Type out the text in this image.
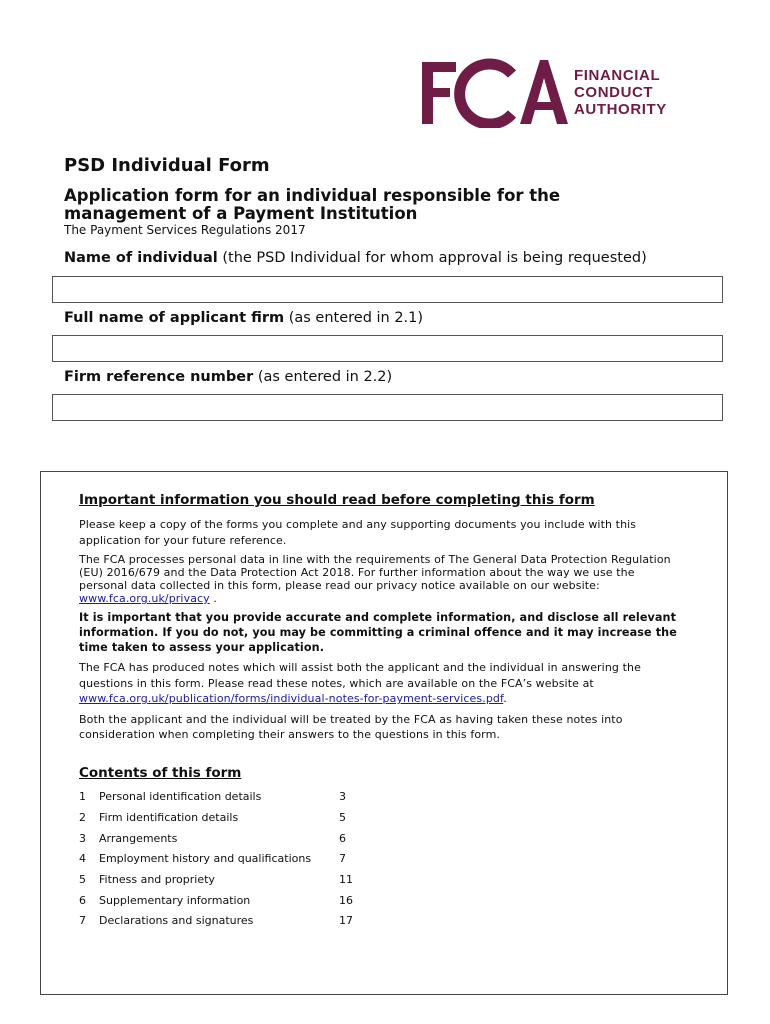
FINANCIAL
CONDUCT
AUTHORITY
PSD Individual Form
Application form for an individual responsible for the management of a Payment Institution

The Payment Services Regulations 2017

Name of individual (the PSD Individual for whom approval is being requested)

Full name of applicant firm (as entered in 2.1)

Firm reference number (as entered in 2.2)

Important information you should read before completing this form

Please keep a copy of the forms you complete and any supporting documents you include with this application for your future reference.

The FCA processes personal data in line with the requirements of The General Data Protection Regulation (EU) 2016/679 and the Data Protection Act 2018. For further information about the way we use the personal data collected in this form, please read our privacy notice available on our website: www.fca.org.uk/privacy .

It is important that you provide accurate and complete information, and disclose all relevant information. If you do not, you may be committing a criminal offence and it may increase the time taken to assess your application.

The FCA has produced notes which will assist both the applicant and the individual in answering the questions in this form. Please read these notes, which are available on the FCA’s website at www.fca.org.uk/publication/forms/individual-notes-for-payment-services.pdf.

Both the applicant and the individual will be treated by the FCA as having taken these notes into consideration when completing their answers to the questions in this form.

Contents of this form

1	Personal identification details	3
2	Firm identification details	5
3	Arrangements	6
4	Employment history and qualifications	7
5	Fitness and propriety	11
6	Supplementary information	16
7	Declarations and signatures	17
